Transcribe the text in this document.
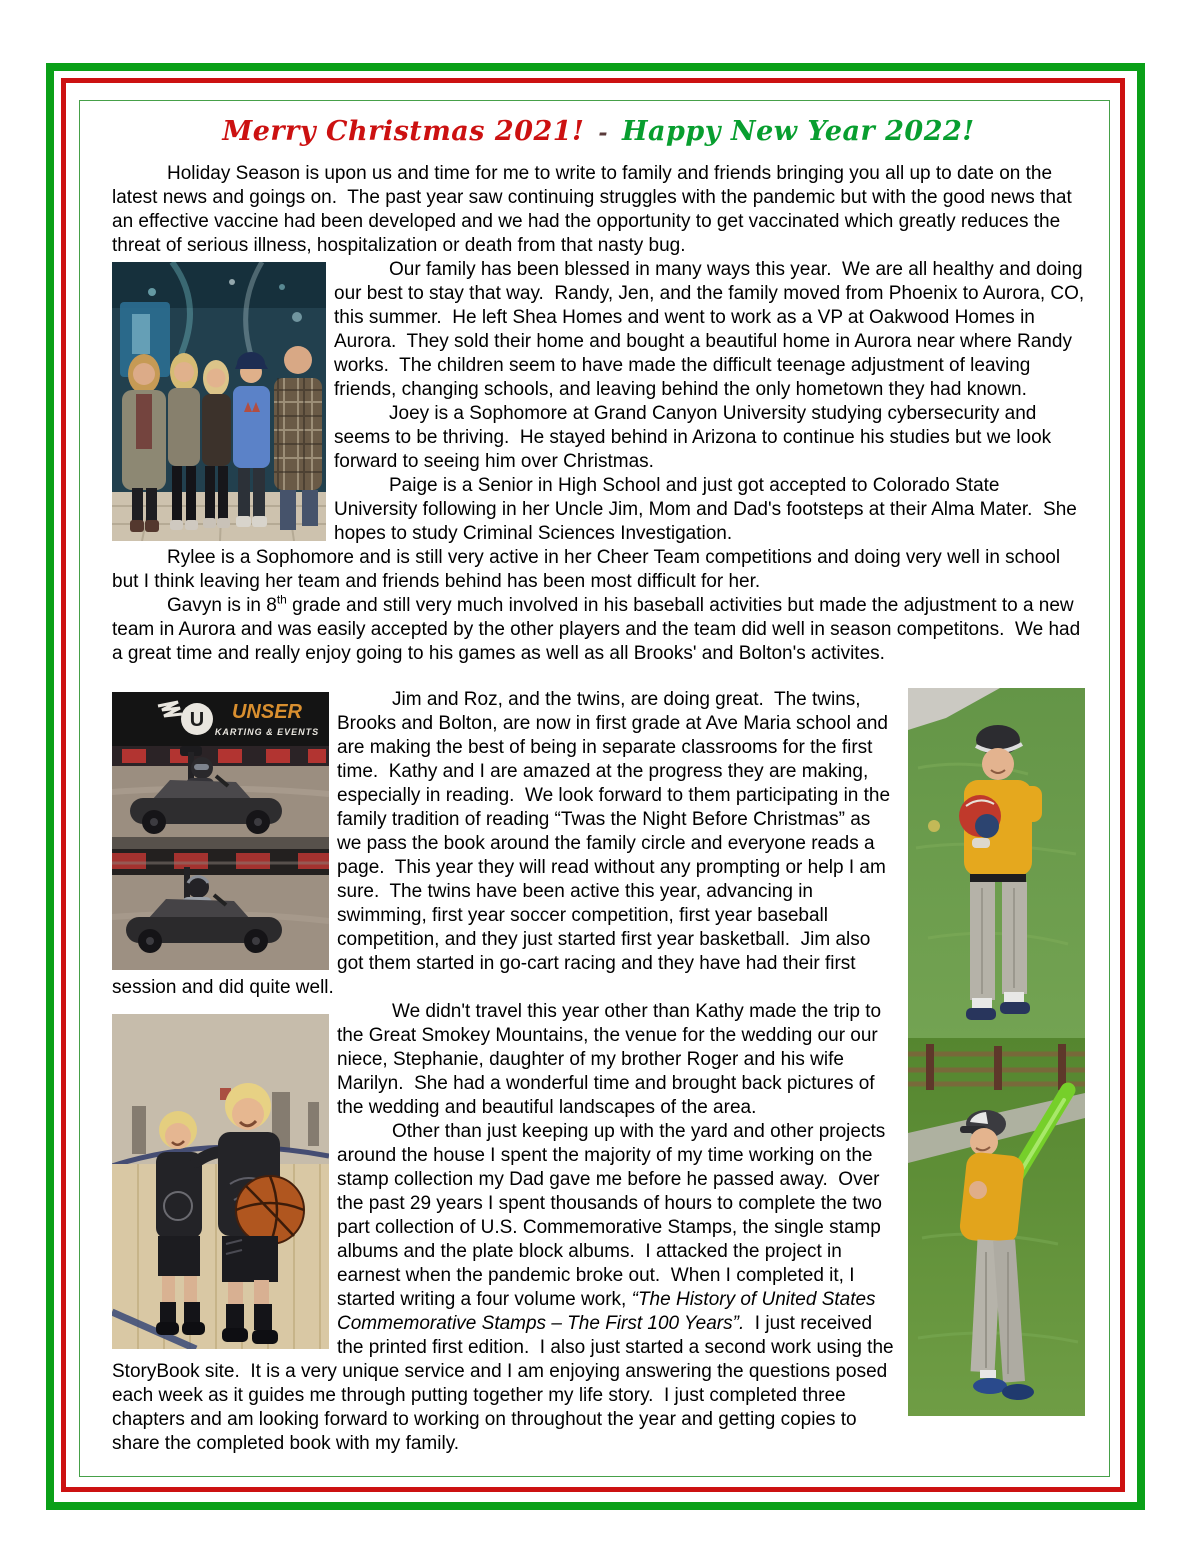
Merry Christmas 2021! - Happy New Year 2022!

Holiday Season is upon us and time for me to write to family and friends bringing you all up to date on the latest news and goings on.  The past year saw continuing struggles with the pandemic but with the good news that an effective vaccine had been developed and we had the opportunity to get vaccinated which greatly reduces the threat of serious illness, hospitalization or death from that nasty bug.

Our family has been blessed in many ways this year.  We are all healthy and doing our best to stay that way.  Randy, Jen, and the family moved from Phoenix to Aurora, CO, this summer.  He left Shea Homes and went to work as a VP at Oakwood Homes in Aurora.  They sold their home and bought a beautiful home in Aurora near where Randy works.  The children seem to have made the difficult teenage adjustment of leaving friends, changing schools, and leaving behind the only hometown they had known.

Joey is a Sophomore at Grand Canyon University studying cybersecurity and seems to be thriving.  He stayed behind in Arizona to continue his studies but we look forward to seeing him over Christmas.

Paige is a Senior in High School and just got accepted to Colorado State University following in her Uncle Jim, Mom and Dad's footsteps at their Alma Mater.  She hopes to study Criminal Sciences Investigation.

Rylee is a Sophomore and is still very active in her Cheer Team competitions and doing very well in school but I think leaving her team and friends behind has been most difficult for her.

Gavyn is in 8th grade and still very much involved in his baseball activities but made the adjustment to a new team in Aurora and was easily accepted by the other players and the team did well in season competitons.  We had a great time and really enjoy going to his games as well as all Brooks' and Bolton's activites.

U UNSER
KARTING & EVENTS

Jim and Roz, and the twins, are doing great.  The twins, Brooks and Bolton, are now in first grade at Ave Maria school and are making the best of being in separate classrooms for the first time.  Kathy and I are amazed at the progress they are making, especially in reading.  We look forward to them participating in the family tradition of reading “Twas the Night Before Christmas” as we pass the book around the family circle and everyone reads a page.  This year they will read without any prompting or help I am sure.  The twins have been active this year, advancing in swimming, first year soccer competition, first year baseball competition, and they just started first year basketball.  Jim also got them started in go-cart racing and they have had their first session and did quite well.

We didn't travel this year other than Kathy made the trip to the Great Smokey Mountains, the venue for the wedding our our niece, Stephanie, daughter of my brother Roger and his wife Marilyn.  She had a wonderful time and brought back pictures of the wedding and beautiful landscapes of the area.

Other than just keeping up with the yard and other projects around the house I spent the majority of my time working on the stamp collection my Dad gave me before he passed away.  Over the past 29 years I spent thousands of hours to complete the two part collection of U.S. Commemorative Stamps, the single stamp albums and the plate block albums.  I attacked the project in earnest when the pandemic broke out.  When I completed it, I started writing a four volume work, “The History of United States Commemorative Stamps – The First 100 Years”.  I just received the printed first edition.  I also just started a second work using the StoryBook site.  It is a very unique service and I am enjoying answering the questions posed each week as it guides me through putting together my life story.  I just completed three chapters and am looking forward to working on throughout the year and getting copies to share the completed book with my family.
